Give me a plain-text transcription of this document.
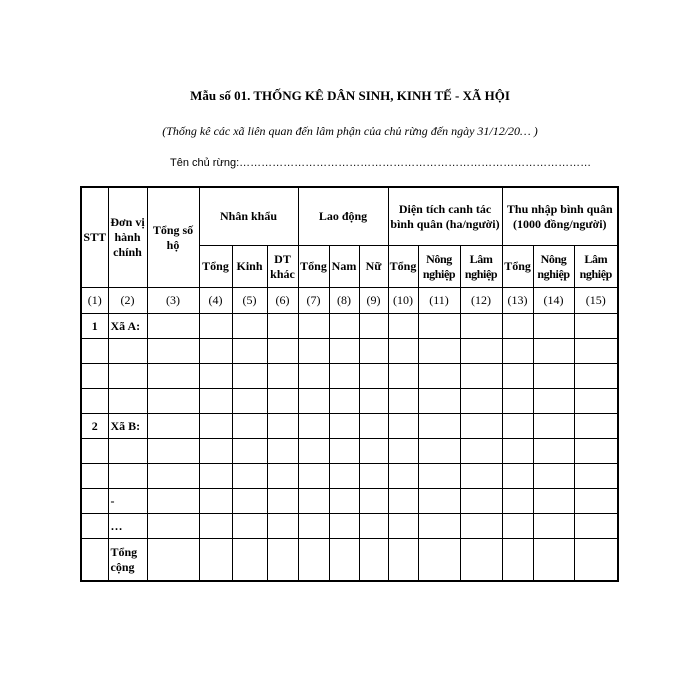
Mẫu số 01. THỐNG KÊ DÂN SINH, KINH TẾ - XÃ HỘI
(Thống kê các xã liên quan đến lâm phận của chủ rừng đến ngày 31/12/20… )
Tên chủ rừng:……………………………………………………………………………………
STT	Đơn vị hành chính	Tổng số hộ	Nhân khẩu			Lao động			Diện tích canh tác bình quân (ha/người)			Thu nhập bình quân (1000 đồng/người)		
			Tổng	Kinh	DT khác	Tổng	Nam	Nữ	Tổng	Nông nghiệp	Lâm nghiệp	Tổng	Nông nghiệp	Lâm nghiệp
(1)	(2)	(3)	(4)	(5)	(6)	(7)	(8)	(9)	(10)	(11)	(12)	(13)	(14)	(15)
1	Xã A:													

2	Xã B:													

	-													
	…													
	Tổng cộng													
